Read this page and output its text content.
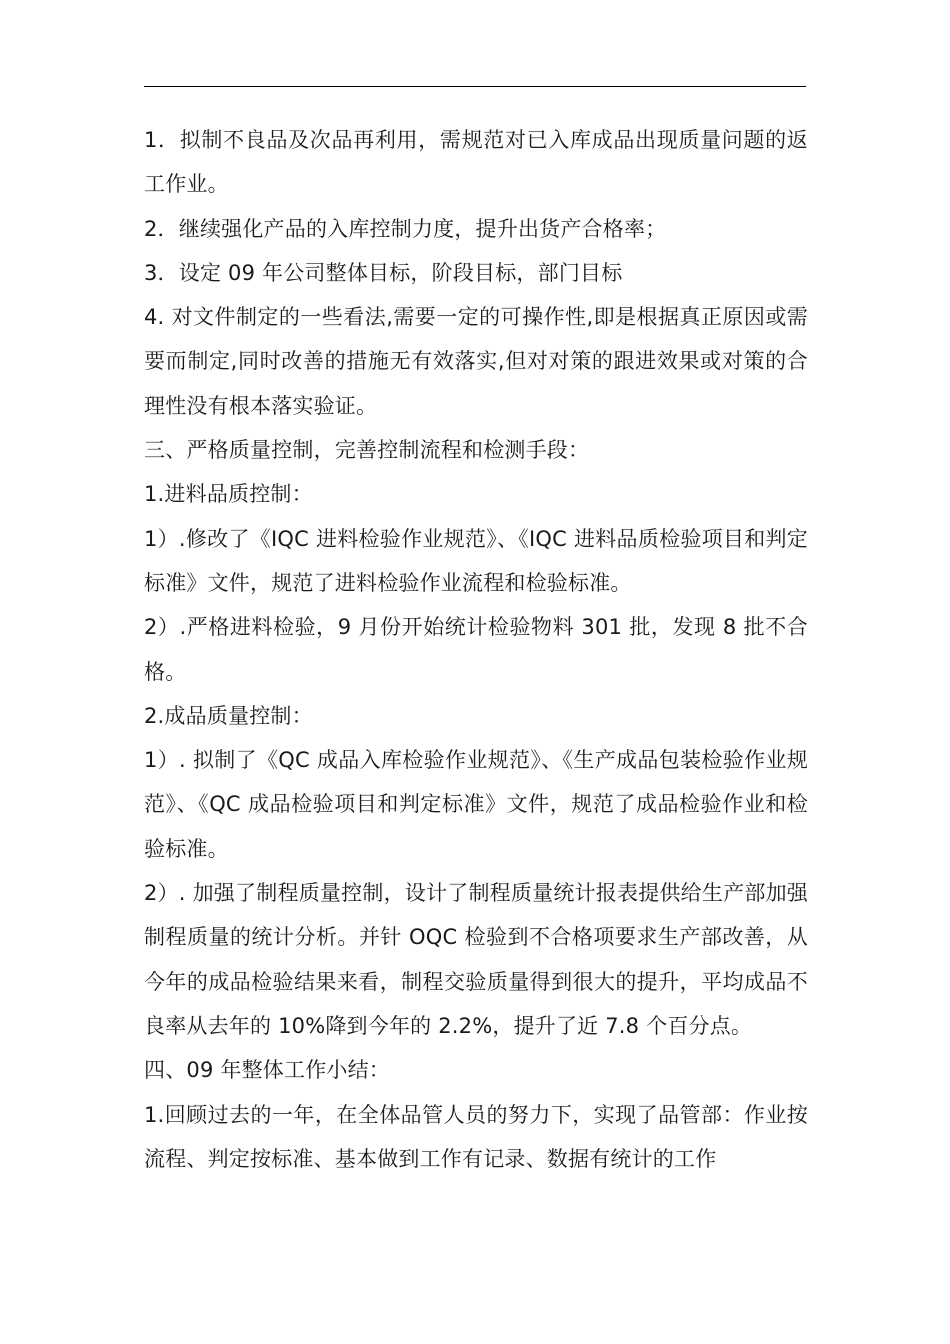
1．拟制不良品及次品再利用，需规范对已入库成品出现质量问题的返工作业。

2．继续强化产品的入库控制力度，提升出货产合格率；

3．设定 09 年公司整体目标，阶段目标，部门目标

4. 对文件制定的一些看法,需要一定的可操作性,即是根据真正原因或需要而制定,同时改善的措施无有效落实,但对对策的跟进效果或对策的合理性没有根本落实验证。

三、严格质量控制，完善控制流程和检测手段：

1.进料品质控制：

1）.修改了《IQC 进料检验作业规范》、《IQC 进料品质检验项目和判定标准》文件，规范了进料检验作业流程和检验标准。

2）.严格进料检验，9 月份开始统计检验物料 301 批，发现 8 批不合格。

2.成品质量控制：

1）. 拟制了《QC 成品入库检验作业规范》、《生产成品包装检验作业规范》、《QC 成品检验项目和判定标准》文件，规范了成品检验作业和检验标准。

2）. 加强了制程质量控制，设计了制程质量统计报表提供给生产部加强制程质量的统计分析。并针 OQC 检验到不合格项要求生产部改善，从今年的成品检验结果来看，制程交验质量得到很大的提升，平均成品不良率从去年的 10%降到今年的 2.2%，提升了近 7.8 个百分点。

四、09 年整体工作小结：

1.回顾过去的一年，在全体品管人员的努力下，实现了品管部：作业按流程、判定按标准、基本做到工作有记录、数据有统计的工作
